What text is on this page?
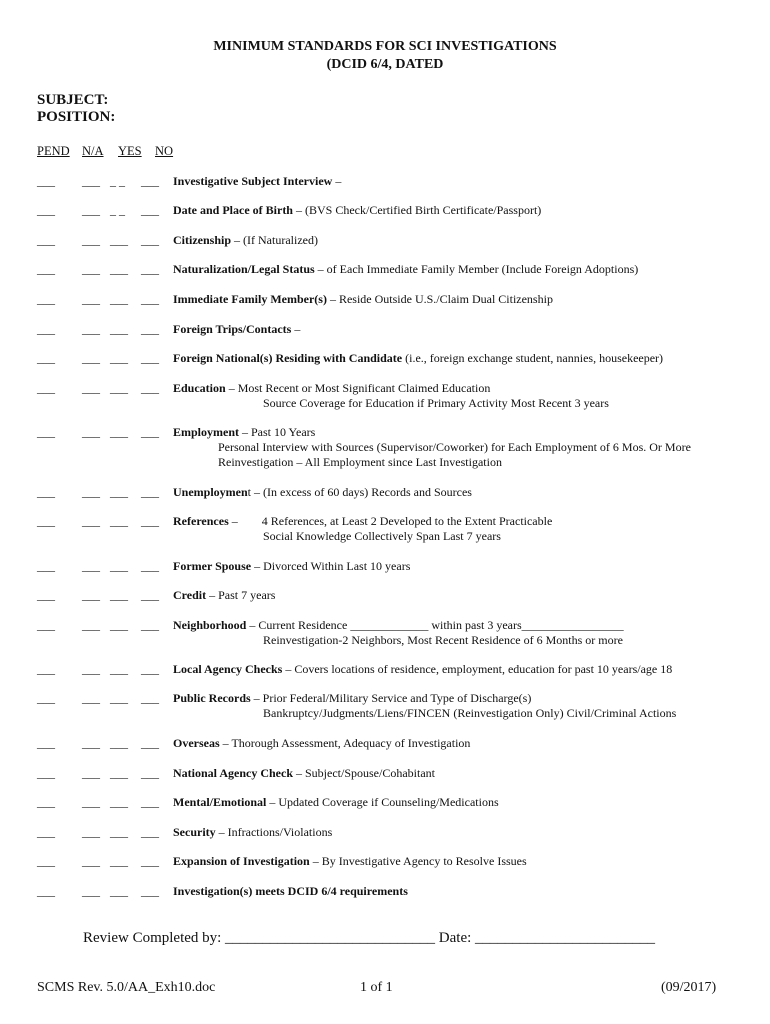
MINIMUM STANDARDS FOR SCI INVESTIGATIONS
(DCID 6/4, DATED
SUBJECT:
POSITION:
PEND N/A YES NO
___ ___ _ _ ___ Investigative Subject Interview –
___ ___ _ _ ___ Date and Place of Birth – (BVS Check/Certified Birth Certificate/Passport)
___ ___ ___ ___ Citizenship – (If Naturalized)
___ ___ ___ ___ Naturalization/Legal Status – of Each Immediate Family Member (Include Foreign Adoptions)
___ ___ ___ ___ Immediate Family Member(s) – Reside Outside U.S./Claim Dual Citizenship
___ ___ ___ ___ Foreign Trips/Contacts –
___ ___ ___ ___ Foreign National(s) Residing with Candidate (i.e., foreign exchange student, nannies, housekeeper)
___ ___ ___ ___ Education – Most Recent or Most Significant Claimed Education
Source Coverage for Education if Primary Activity Most Recent 3 years
___ ___ ___ ___ Employment – Past 10 Years
Personal Interview with Sources (Supervisor/Coworker) for Each Employment of 6 Mos. Or More
Reinvestigation – All Employment since Last Investigation
___ ___ ___ ___ Unemployment – (In excess of 60 days) Records and Sources
___ ___ ___ ___ References –        4 References, at Least 2 Developed to the Extent Practicable
Social Knowledge Collectively Span Last 7 years
___ ___ ___ ___ Former Spouse – Divorced Within Last 10 years
___ ___ ___ ___ Credit – Past 7 years
___ ___ ___ ___ Neighborhood – Current Residence _____________ within past 3 years_________________
Reinvestigation-2 Neighbors, Most Recent Residence of 6 Months or more
___ ___ ___ ___ Local Agency Checks – Covers locations of residence, employment, education for past 10 years/age 18
___ ___ ___ ___ Public Records – Prior Federal/Military Service and Type of Discharge(s)
Bankruptcy/Judgments/Liens/FINCEN (Reinvestigation Only) Civil/Criminal Actions
___ ___ ___ ___ Overseas – Thorough Assessment, Adequacy of Investigation
___ ___ ___ ___ National Agency Check – Subject/Spouse/Cohabitant
___ ___ ___ ___ Mental/Emotional – Updated Coverage if Counseling/Medications
___ ___ ___ ___ Security – Infractions/Violations
___ ___ ___ ___ Expansion of Investigation – By Investigative Agency to Resolve Issues
___ ___ ___ ___ Investigation(s) meets DCID 6/4 requirements
Review Completed by: ____________________________ Date: ________________________
SCMS Rev. 5.0/AA_Exh10.doc	1 of 1	(09/2017)
